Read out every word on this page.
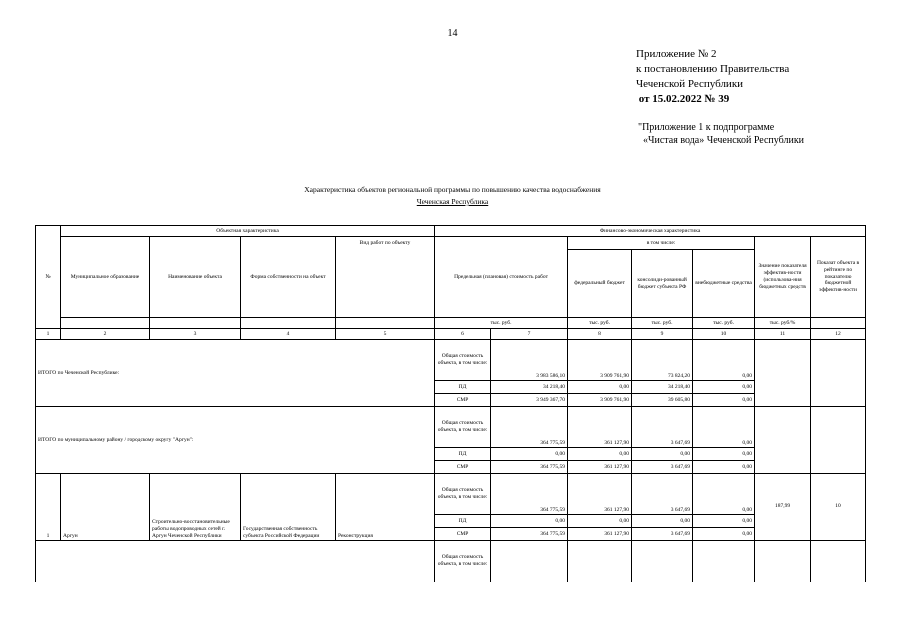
14
Приложение № 2
к постановлению Правительства
Чеченской Республики
от 15.02.2022 № 39
"Приложение 1 к подпрограмме
«Чистая вода» Чеченской Республики
Характеристика объектов региональной программы по повышению качества водоснабжения
Чеченская Республика
№	Объектная характеристика				Финансово-экономическая характеристика						
	Муниципальное образование	Наименование объекта	Форма собственности на объект	Вид работ по объекту	Предельная (плановая) стоимость работ		в том числе:			Значение показателя эффектив-ности (использова-ния бюджетных средств	Показат объекта в рейтинге по показателю бюджетной эффектив-ности
							федеральный бюджет	консолиди-рованный бюджет субъекта РФ	внебюджетные средства		
					тыс. руб.		тыс. руб.	тыс. руб.	тыс. руб.	тыс. руб/%	
1	2	3	4	5	6	7	8	9	10	11	12
ИТОГО по Чеченской Республике:					Общая стоимость объекта, в том числе:	3 983 586,10	3 909 761,90	73 824,20	0,00		
					ПД	34 218,40	0,00	34 218,40	0,00		
					СМР	3 949 367,70	3 909 761,90	39 605,80	0,00		
ИТОГО по муниципальному району / городскому округу "Аргун":					Общая стоимость объекта, в том числе:	364 775,59	361 127,90	3 647,69	0,00		
					ПД	0,00	0,00	0,00	0,00		
					СМР	364 775,59	361 127,90	3 647,69	0,00		
1	Аргун	Строительно-восстановительные работы водопроводных сетей г. Аргун Чеченской Республики	Государственная собственность субъекта Российской Федерации	Реконструкция	Общая стоимость объекта, в том числе:	364 775,59	361 127,90	3 647,69	0,00	187,99	10
					ПД	0,00	0,00	0,00	0,00		
					СМР	364 775,59	361 127,90	3 647,69	0,00		
					Общая стоимость объекта, в том числе:						
